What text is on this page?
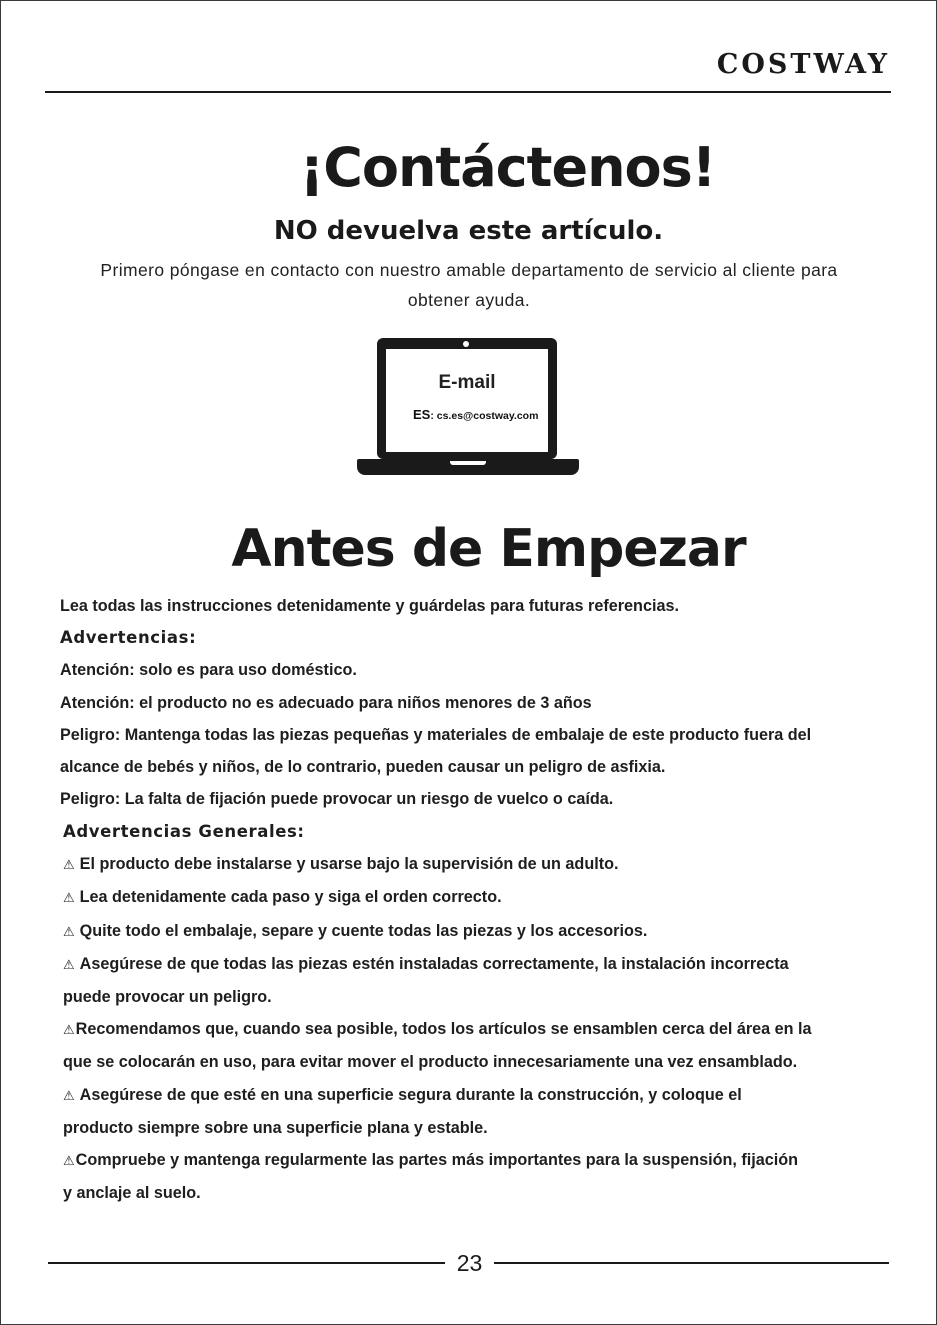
COSTWAY
¡Contáctenos!
NO devuelva este artículo.
Primero póngase en contacto con nuestro amable departamento de servicio al cliente para
obtener ayuda.
E-mail
ES: cs.es@costway.com
Antes de Empezar
Lea todas las instrucciones detenidamente y guárdelas para futuras referencias.
Advertencias:
Atención: solo es para uso doméstico.
Atención: el producto no es adecuado para niños menores de 3 años
Peligro: Mantenga todas las piezas pequeñas y materiales de embalaje de este producto fuera del
alcance de bebés y niños, de lo contrario, pueden causar un peligro de asfixia.
Peligro: La falta de fijación puede provocar un riesgo de vuelco o caída.
Advertencias Generales:
⚠ El producto debe instalarse y usarse bajo la supervisión de un adulto.
⚠ Lea detenidamente cada paso y siga el orden correcto.
⚠ Quite todo el embalaje, separe y cuente todas las piezas y los accesorios.
⚠ Asegúrese de que todas las piezas estén instaladas correctamente, la instalación incorrecta
puede provocar un peligro.
⚠Recomendamos que, cuando sea posible, todos los artículos se ensamblen cerca del área en la
que se colocarán en uso, para evitar mover el producto innecesariamente una vez ensamblado.
⚠ Asegúrese de que esté en una superficie segura durante la construcción, y coloque el
producto siempre sobre una superficie plana y estable.
⚠Compruebe y mantenga regularmente las partes más importantes para la suspensión, fijación
y anclaje al suelo.
23
